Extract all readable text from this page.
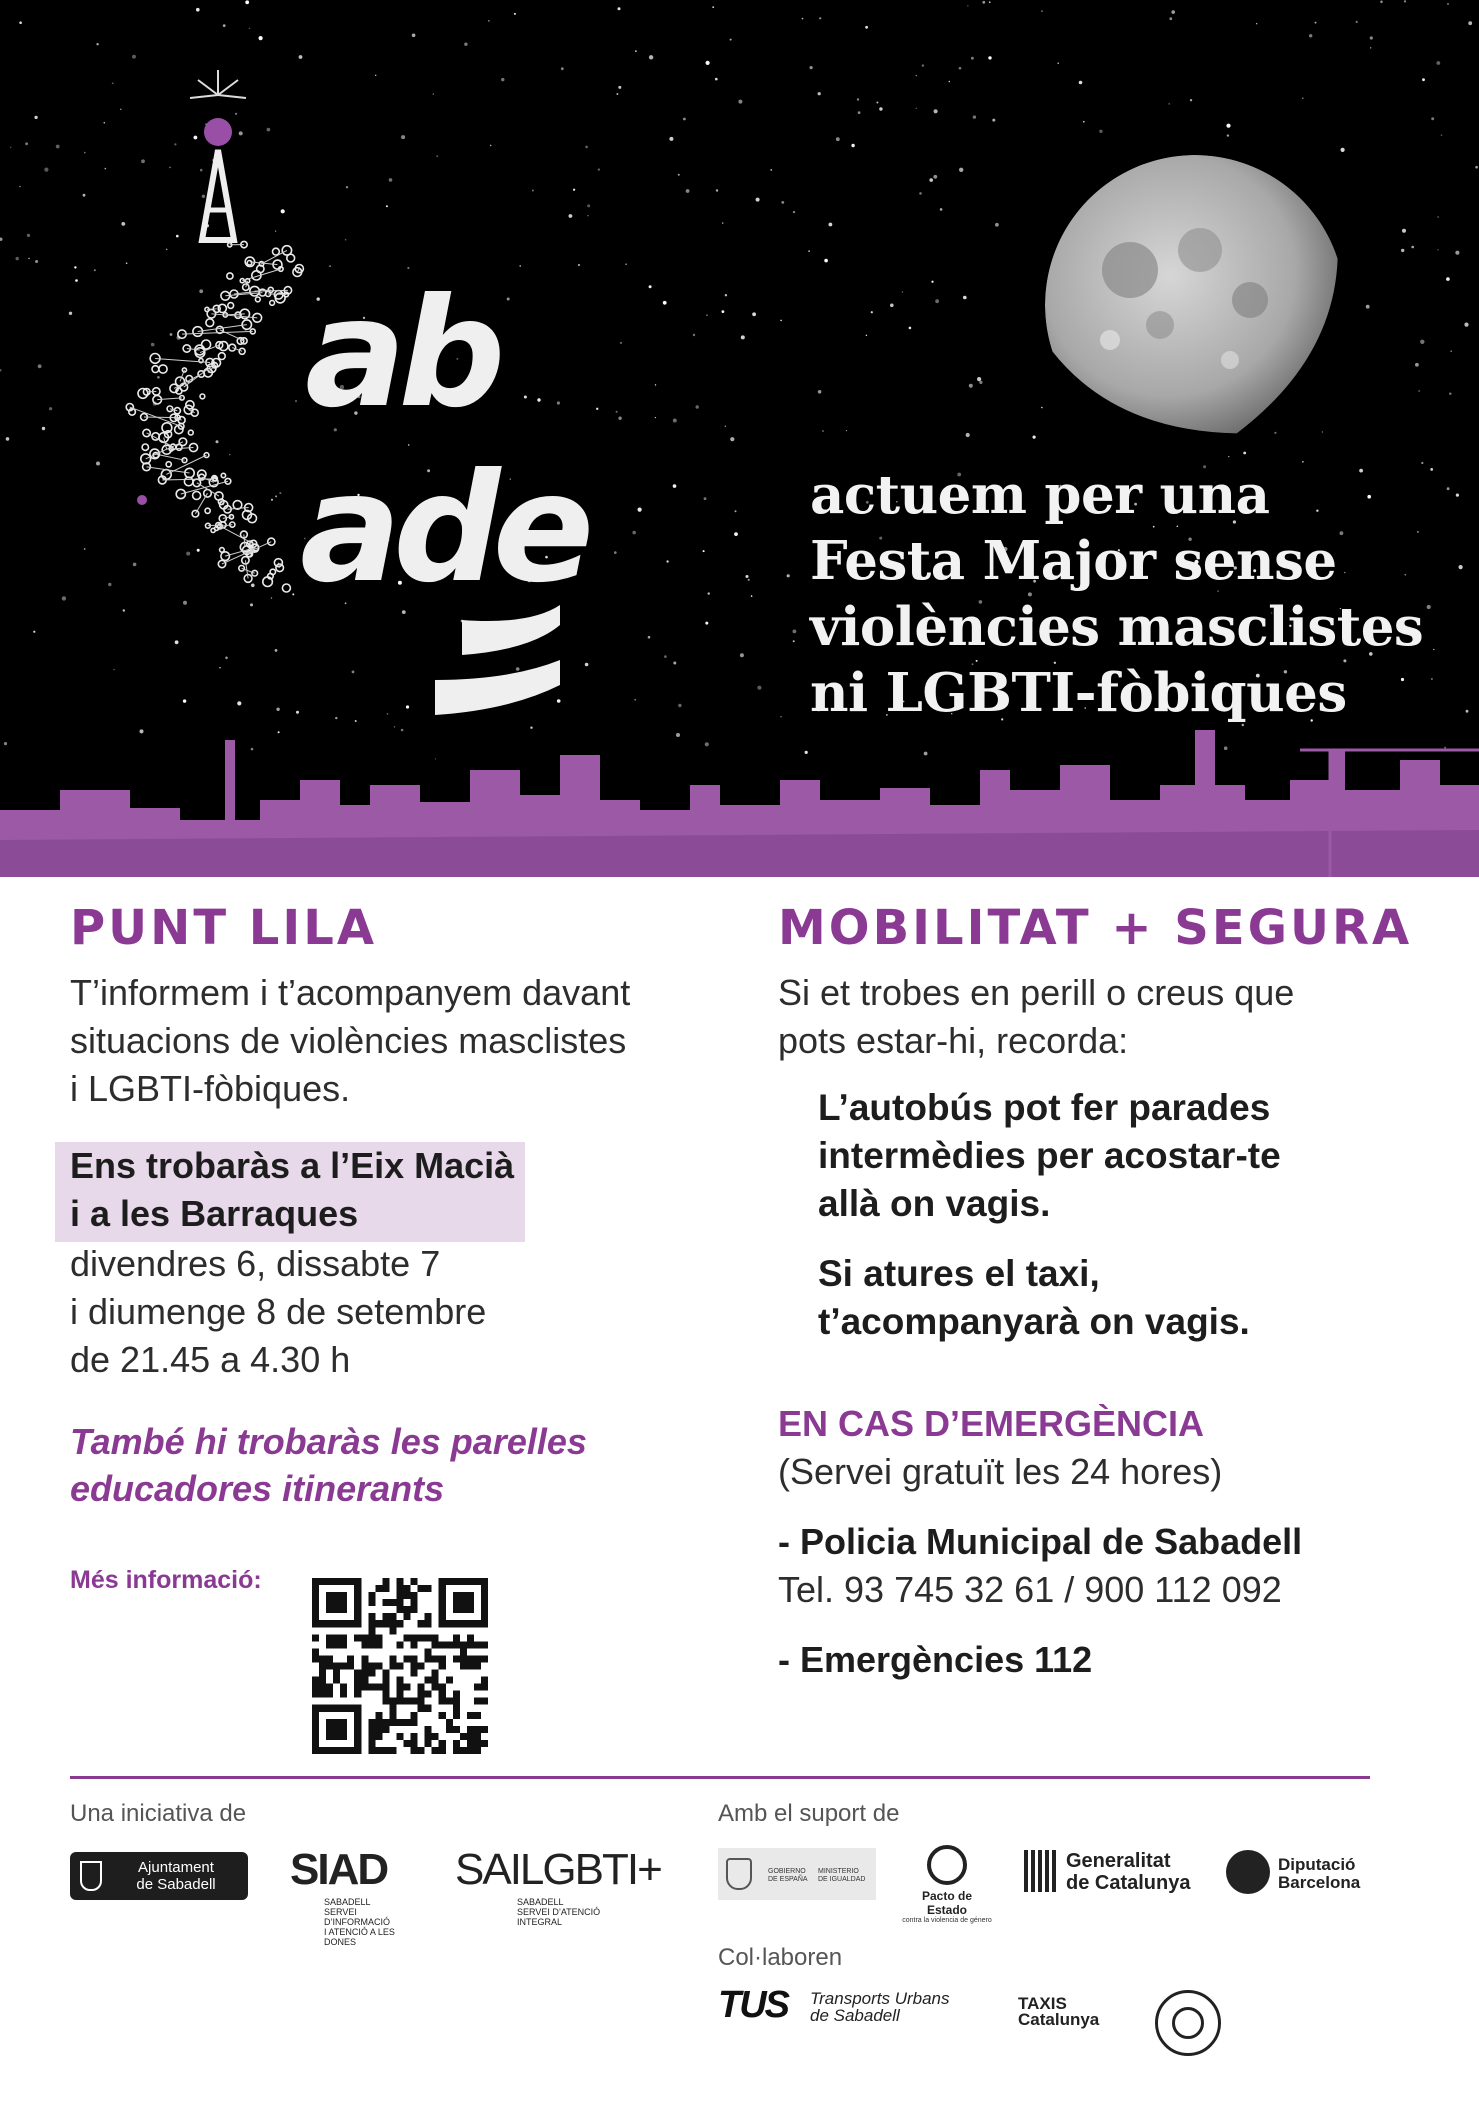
ab
ade	actuem per una
Festa Major sense
violències masclistes
ni LGBTI-fòbiques
PUNT LILA
T’informem i t’acompanyem davant
situacions de violències masclistes
i LGBTI-fòbiques.
Ens trobaràs a l’Eix Macià
i a les Barraques
divendres 6, dissabte 7
i diumenge 8 de setembre
de 21.45 a 4.30 h
També hi trobaràs les parelles
educadores itinerants
Més informació:
MOBILITAT + SEGURA
Si et trobes en perill o creus que
pots estar-hi, recorda:
L’autobús pot fer parades
intermèdies per acostar-te
allà on vagis.
Si atures el taxi,
t’acompanyarà on vagis.
EN CAS D’EMERGÈNCIA
(Servei gratuït les 24 hores)
- Policia Municipal de Sabadell
Tel. 93 745 32 61 / 900 112 092
- Emergències 112
Una iniciativa de	Amb el suport de
Col·laboren
Ajuntament
de Sabadell	SIAD
SABADELL
SERVEI D’INFORMACIÓ
I ATENCIÓ A LES DONES
SAILGBTI+
SABADELL
SERVEI D’ATENCIÓ INTEGRAL
GOBIERNO
DE ESPAÑA
MINISTERIO
DE IGUALDAD
Pacto de Estado
contra la violencia de género
Generalitat
de Catalunya
Diputació
Barcelona
TUS Transports Urbans
de Sabadell
TAXIS
Catalunya
